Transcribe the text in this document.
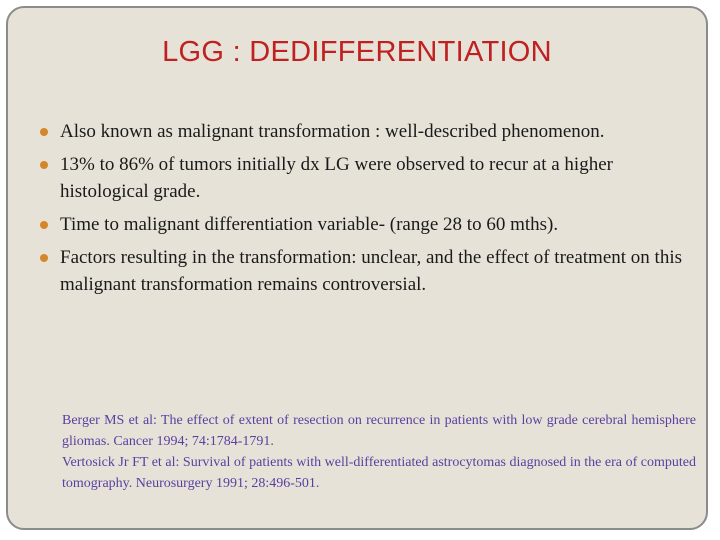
LGG : DEDIFFERENTIATION
Also known as malignant transformation : well-described phenomenon.
13% to 86% of tumors initially dx LG were observed to recur at a higher histological grade.
Time to malignant differentiation variable- (range 28 to 60 mths).
Factors resulting in the transformation: unclear, and the effect of treatment on this malignant transformation remains controversial.
Berger MS et al: The effect of extent of resection on recurrence in patients with low grade cerebral hemisphere gliomas. Cancer 1994; 74:1784-1791.
Vertosick Jr FT et al: Survival of patients with well-differentiated astrocytomas diagnosed in the era of computed tomography. Neurosurgery 1991; 28:496-501.
